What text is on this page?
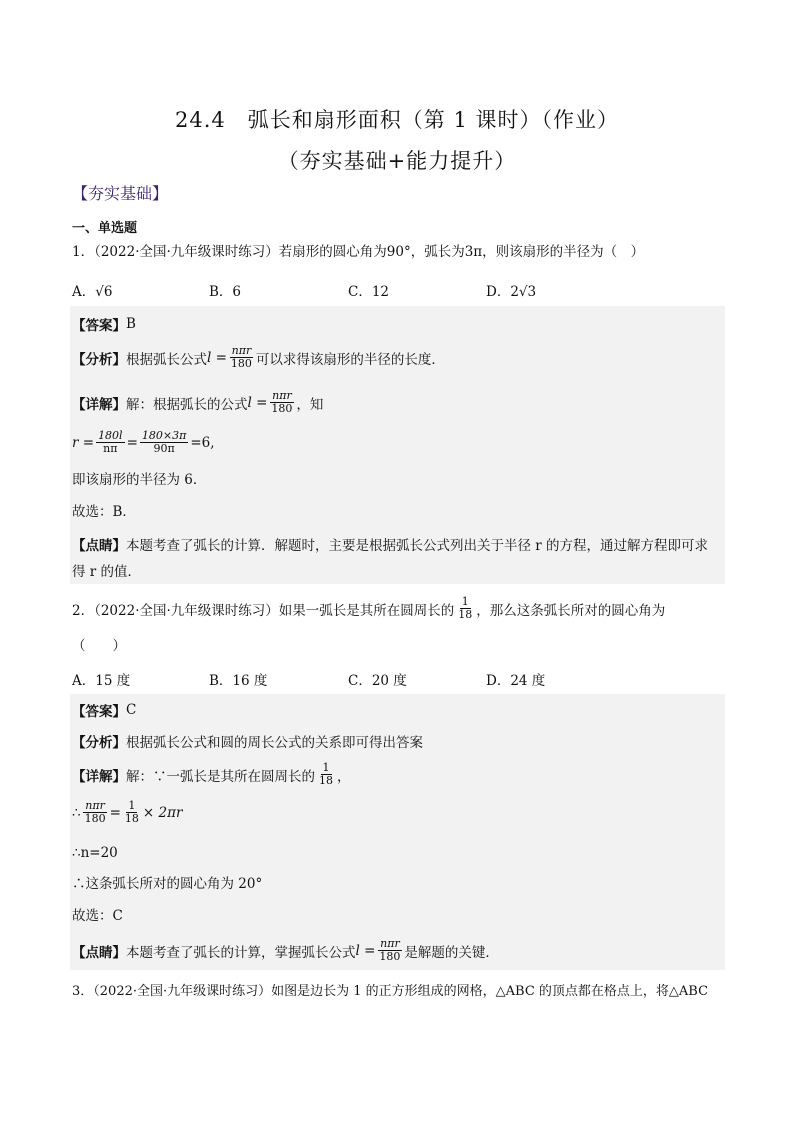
24.4　弧长和扇形面积（第 1 课时）（作业）
（夯实基础+能力提升）
【夯实基础】
一、单选题
1．（2022·全国·九年级课时练习）若扇形的圆心角为90°，弧长为3π，则该扇形的半径为（　）
A．√6	B．6	C．12	D．2√3
【答案】 B
【分析】 根据弧长公式 $l = \frac{\text{nπr}}{180}$ 可以求得该扇形的半径的长度．
【详解】 解：根据弧长的公式 $l = \frac{\text{nπr}}{180}$ ，知
$r = \frac{180l}{n\pi} = \frac{180\times 3\pi}{90\pi} =6$,
即该扇形的半径为 6．
故选：B．
【点睛】 本题考查了弧长的计算．解题时，主要是根据弧长公式列出关于半径 r 的方程，通过解方程即可求
得 r 的值．
2．（2022·全国·九年级课时练习）如果一弧长是其所在圆周长的 $\frac{1}{18}$ ，那么这条弧长所对的圆心角为
（　　）
A．15 度	B．16 度	C．20 度	D．24 度
【答案】 C
【分析】 根据弧长公式和圆的周长公式的关系即可得出答案
【详解】 解：∵一弧长是其所在圆周长的 $\frac{1}{18}$ ，
∴ $\frac{\text{nπr}}{180} = \frac{1}{18} \times 2\pi r$
∴n=20
∴这条弧长所对的圆心角为 20°
故选：C
【点睛】 本题考查了弧长的计算，掌握弧长公式 $l = \frac{\text{nπr}}{180}$ 是解题的关键．
3．（2022·全国·九年级课时练习）如图是边长为 1 的正方形组成的网格，△ABC 的顶点都在格点上，将△ABC
